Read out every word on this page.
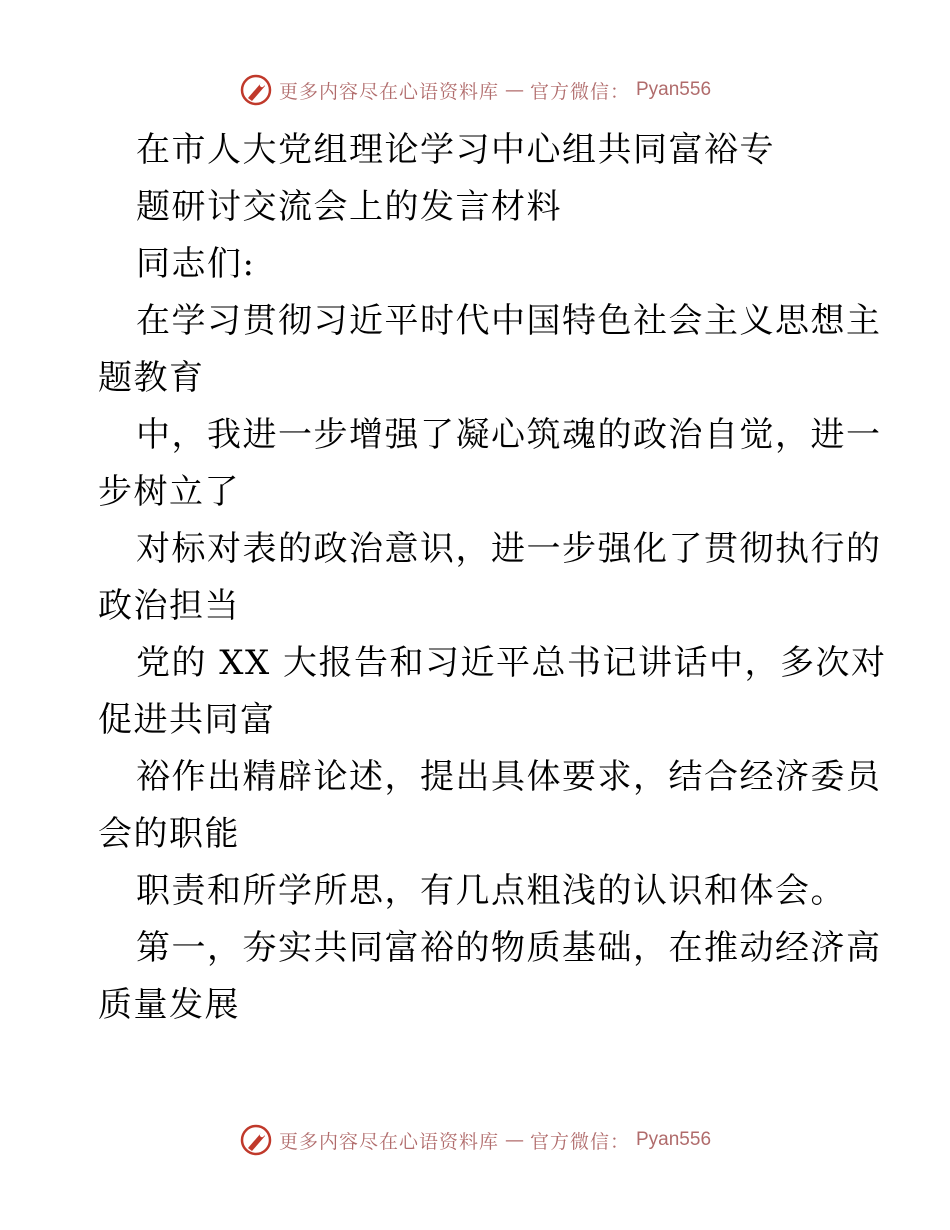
更多内容尽在心语资料库 — 官方微信： Pyan556
在市人大党组理论学习中心组共同富裕专
题研讨交流会上的发言材料
同志们:
在学习贯彻习近平时代中国特色社会主义思想主
题教育
中，我进一步增强了凝心筑魂的政治自觉，进一
步树立了
对标对表的政治意识，进一步强化了贯彻执行的
政治担当
党的 XX 大报告和习近平总书记讲话中，多次对
促进共同富
裕作出精辟论述，提出具体要求，结合经济委员
会的职能
职责和所学所思，有几点粗浅的认识和体会。
第一，夯实共同富裕的物质基础，在推动经济高
质量发展
更多内容尽在心语资料库 — 官方微信： Pyan556
